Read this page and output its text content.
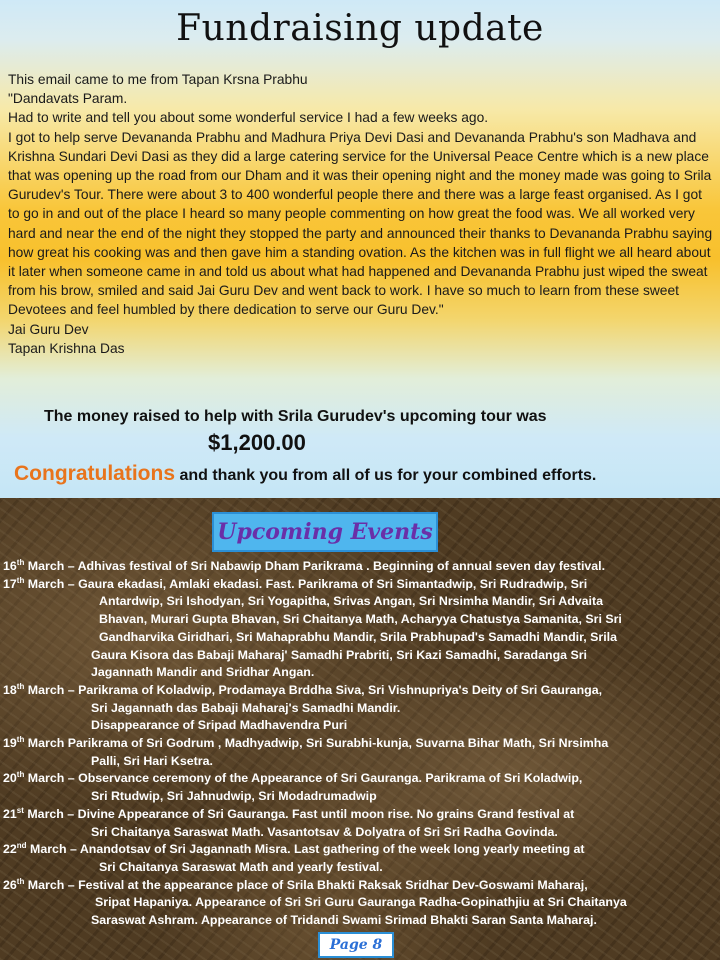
Fundraising update

This email came to me from Tapan Krsna Prabhu

"Dandavats Param.

Had to write and tell you about some wonderful service I had a few weeks ago.

I got to help serve Devananda Prabhu and Madhura Priya Devi Dasi and Devananda Prabhu's son Madhava and Krishna Sundari Devi Dasi as they did a large catering service for the Universal Peace Centre which is a new place that was opening up the road from our Dham and it was their opening night and the money made was going to Srila Gurudev's Tour. There were about 3 to 400 wonderful people there and there was a large feast organised. As I got to go in and out of the place I heard so many people commenting on how great the food was. We all worked very hard and near the end of the night they stopped the party and announced their thanks to Devananda Prabhu saying how great his cooking was and then gave him a standing ovation. As the kitchen was in full flight we all heard about it later when someone came in and told us about what had happened and Devananda Prabhu just wiped the sweat from his brow, smiled and said Jai Guru Dev and went back to work. I have so much to learn from these sweet Devotees and feel humbled by there dedication to serve our Guru Dev."

Jai Guru Dev

Tapan Krishna Das

The money raised to help with Srila Gurudev's upcoming tour was
$1,200.00
Congratulations and thank you from all of us for your combined efforts.
Upcoming Events
16th March – Adhivas festival of Sri Nabawip Dham Parikrama . Beginning of annual seven day festival.
17th March – Gaura ekadasi, Amlaki ekadasi. Fast. Parikrama of Sri Simantadwip, Sri Rudradwip, Sri
Antardwip, Sri Ishodyan, Sri Yogapitha, Srivas Angan, Sri Nrsimha Mandir, Sri Advaita
Bhavan, Murari Gupta Bhavan, Sri Chaitanya Math, Acharyya Chatustya Samanita, Sri Sri
Gandharvika Giridhari, Sri Mahaprabhu Mandir, Srila Prabhupad's Samadhi Mandir, Srila
Gaura Kisora das Babaji Maharaj' Samadhi Prabriti, Sri Kazi Samadhi, Saradanga Sri
Jagannath Mandir and Sridhar Angan.
18th March – Parikrama of Koladwip, Prodamaya Brddha Siva, Sri Vishnupriya's Deity of Sri Gauranga,
Sri Jagannath das Babaji Maharaj's Samadhi Mandir.
Disappearance of Sripad Madhavendra Puri
19th March Parikrama of Sri Godrum , Madhyadwip, Sri Surabhi-kunja, Suvarna Bihar Math, Sri Nrsimha
Palli, Sri Hari Ksetra.
20th March – Observance ceremony of the Appearance of Sri Gauranga. Parikrama of Sri Koladwip,
Sri Rtudwip, Sri Jahnudwip, Sri Modadrumadwip
21st March – Divine Appearance of Sri Gauranga. Fast until moon rise. No grains Grand festival at
Sri Chaitanya Saraswat Math. Vasantotsav & Dolyatra of Sri Sri Radha Govinda.
22nd March – Anandotsav of Sri Jagannath Misra. Last gathering of the week long yearly meeting at
Sri Chaitanya Saraswat Math and yearly festival.
26th March – Festival at the appearance place of Srila Bhakti Raksak Sridhar Dev-Goswami Maharaj,
Sripat Hapaniya. Appearance of Sri Sri Guru Gauranga Radha-Gopinathjiu at Sri Chaitanya
Saraswat Ashram. Appearance of Tridandi Swami Srimad Bhakti Saran Santa Maharaj.
Page 8
